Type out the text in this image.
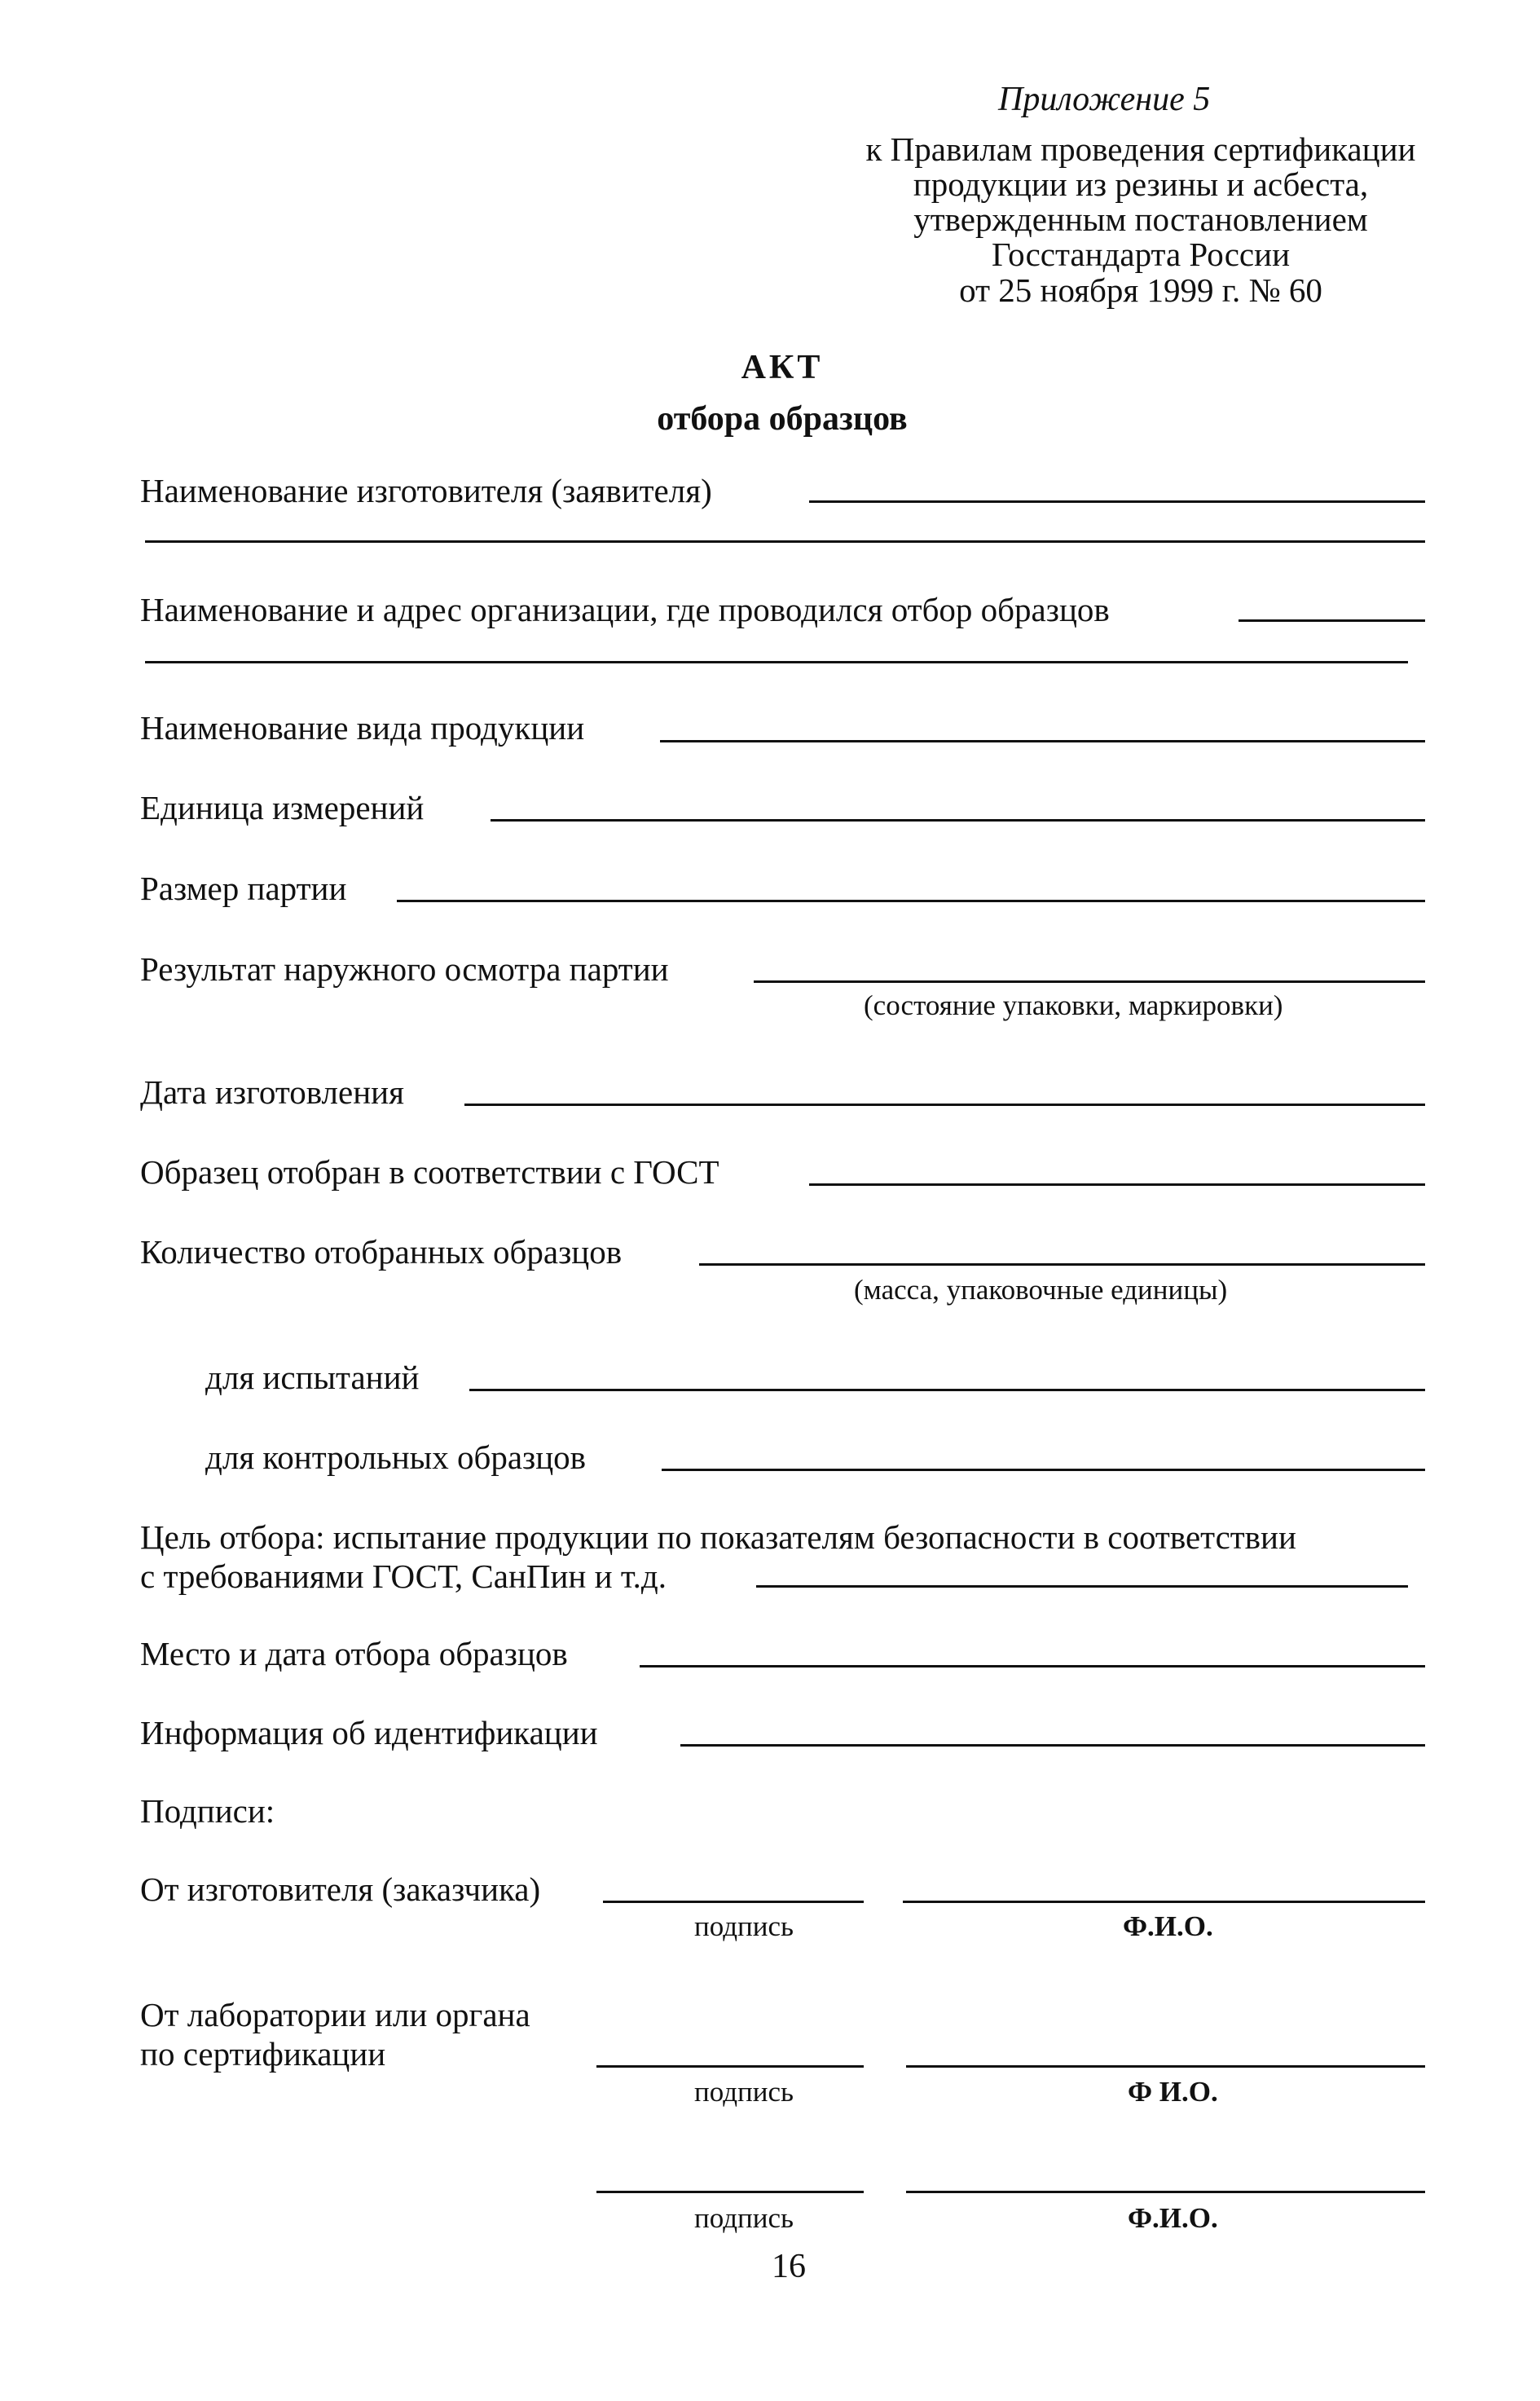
Приложение 5
к Правилам проведения сертификации
продукции из резины и асбеста,
утвержденным постановлением
Госстандарта России
от 25 ноября 1999 г. № 60
АКТ
отбора образцов
Наименование изготовителя (заявителя)
Наименование и адрес организации, где проводился отбор образцов
Наименование вида продукции
Единица измерений
Размер партии
Результат наружного осмотра партии
(состояние упаковки, маркировки)
Дата изготовления
Образец отобран в соответствии с ГОСТ
Количество отобранных образцов
(масса, упаковочные единицы)
для испытаний
для контрольных образцов
Цель отбора: испытание продукции по показателям безопасности в соответствии
с требованиями ГОСТ, СанПин и т.д.
Место и дата отбора образцов
Информация об идентификации
Подписи:
От изготовителя (заказчика)
подпись	Ф.И.О.
От лаборатории или органа
по сертификации
подпись	Ф И.О.
подпись	Ф.И.О.
16
